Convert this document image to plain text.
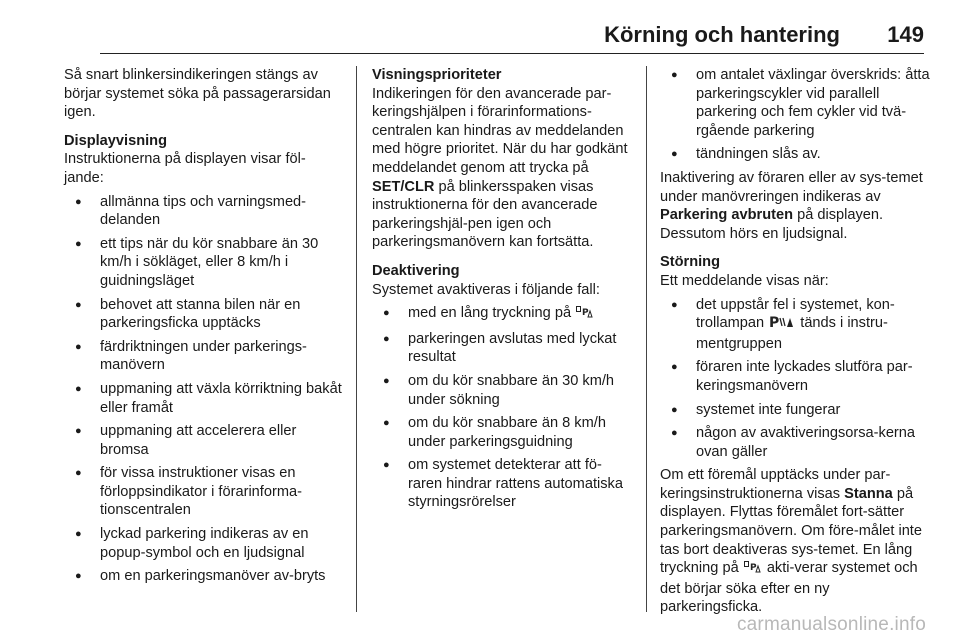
Körning och hantering 149

Så snart blinkersindikeringen stängs av börjar systemet söka på passagerarsidan igen.

Displayvisning

Instruktionerna på displayen visar föl-jande:

● allmänna tips och varningsmed-delanden
● ett tips när du kör snabbare än 30 km/h i sökläget, eller 8 km/h i guidningsläget
● behovet att stanna bilen när en parkeringsficka upptäcks
● färdriktningen under parkerings-manövern
● uppmaning att växla körriktning bakåt eller framåt
● uppmaning att accelerera eller bromsa
● för vissa instruktioner visas en förloppsindikator i förarinforma-tionscentralen
● lyckad parkering indikeras av en popup-symbol och en ljudsignal
● om en parkeringsmanöver av-bryts

Visningsprioriteter

Indikeringen för den avancerade par-keringshjälpen i förarinformations-centralen kan hindras av meddelanden med högre prioritet. När du har godkänt meddelandet genom att trycka på SET/CLR på blinkersspaken visas instruktionerna för den avancerade parkeringshjäl-pen igen och parkeringsmanövern kan fortsätta.

Deaktivering

Systemet avaktiveras i följande fall:

● med en lång tryckning på P
● parkeringen avslutas med lyckat resultat
● om du kör snabbare än 30 km/h under sökning
● om du kör snabbare än 8 km/h under parkeringsguidning
● om systemet detekterar att fö-raren hindrar rattens automatiska styrningsrörelser
● om antalet växlingar överskrids: åtta parkeringscykler vid parallell parkering och fem cykler vid tvä-rgående parkering
● tändningen slås av.

Inaktivering av föraren eller av sys-temet under manövreringen indikeras av Parkering avbruten på displayen. Dessutom hörs en ljudsignal.

Störning

Ett meddelande visas när:

● det uppstår fel i systemet, kon-trollampan P tänds i instru-mentgruppen
● föraren inte lyckades slutföra par-keringsmanövern
● systemet inte fungerar
● någon av avaktiveringsorsa-kerna ovan gäller

Om ett föremål upptäcks under par-keringsinstruktionerna visas Stanna på displayen. Flyttas föremålet fort-sätter parkeringsmanövern. Om före-målet inte tas bort deaktiveras sys-temet. En lång tryckning på P akti-verar systemet och det börjar söka efter en ny parkeringsficka.

carmanualsonline.info
